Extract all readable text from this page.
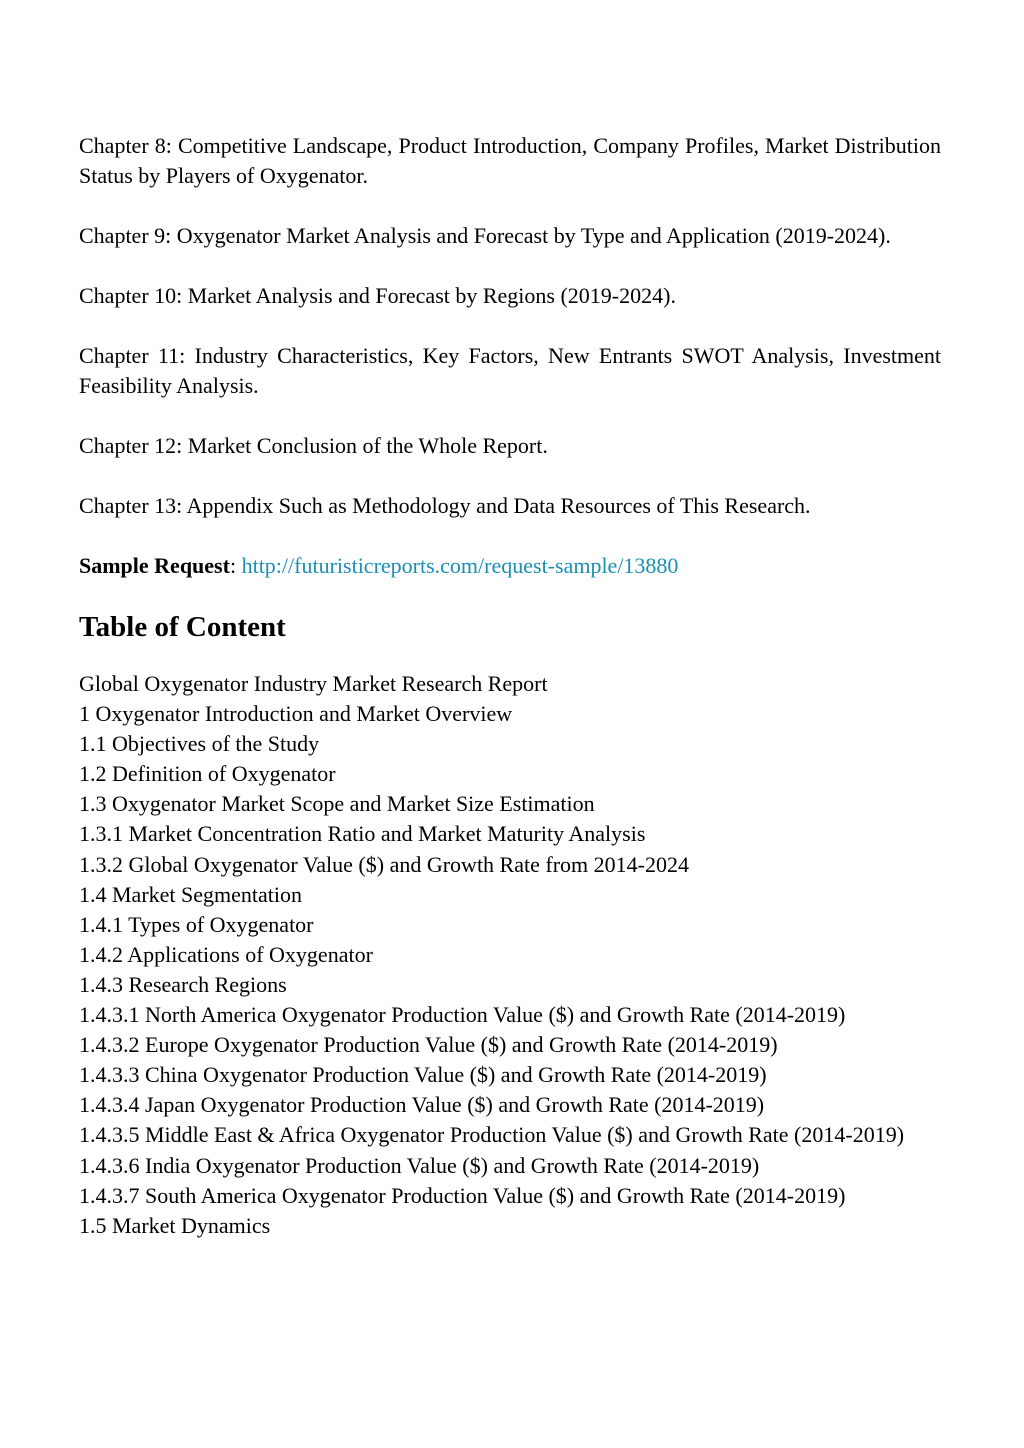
Chapter 8: Competitive Landscape, Product Introduction, Company Profiles, Market Distribution Status by Players of Oxygenator.

Chapter 9: Oxygenator Market Analysis and Forecast by Type and Application (2019-2024).

Chapter 10: Market Analysis and Forecast by Regions (2019-2024).

Chapter 11: Industry Characteristics, Key Factors, New Entrants SWOT Analysis, Investment Feasibility Analysis.

Chapter 12: Market Conclusion of the Whole Report.

Chapter 13: Appendix Such as Methodology and Data Resources of This Research.

Sample Request: http://futuristicreports.com/request-sample/13880

Table of Content
Global Oxygenator Industry Market Research Report
1 Oxygenator Introduction and Market Overview
1.1 Objectives of the Study
1.2 Definition of Oxygenator
1.3 Oxygenator Market Scope and Market Size Estimation
1.3.1 Market Concentration Ratio and Market Maturity Analysis
1.3.2 Global Oxygenator Value ($) and Growth Rate from 2014-2024
1.4 Market Segmentation
1.4.1 Types of Oxygenator
1.4.2 Applications of Oxygenator
1.4.3 Research Regions
1.4.3.1 North America Oxygenator Production Value ($) and Growth Rate (2014-2019)
1.4.3.2 Europe Oxygenator Production Value ($) and Growth Rate (2014-2019)
1.4.3.3 China Oxygenator Production Value ($) and Growth Rate (2014-2019)
1.4.3.4 Japan Oxygenator Production Value ($) and Growth Rate (2014-2019)
1.4.3.5 Middle East & Africa Oxygenator Production Value ($) and Growth Rate (2014-2019)
1.4.3.6 India Oxygenator Production Value ($) and Growth Rate (2014-2019)
1.4.3.7 South America Oxygenator Production Value ($) and Growth Rate (2014-2019)
1.5 Market Dynamics
